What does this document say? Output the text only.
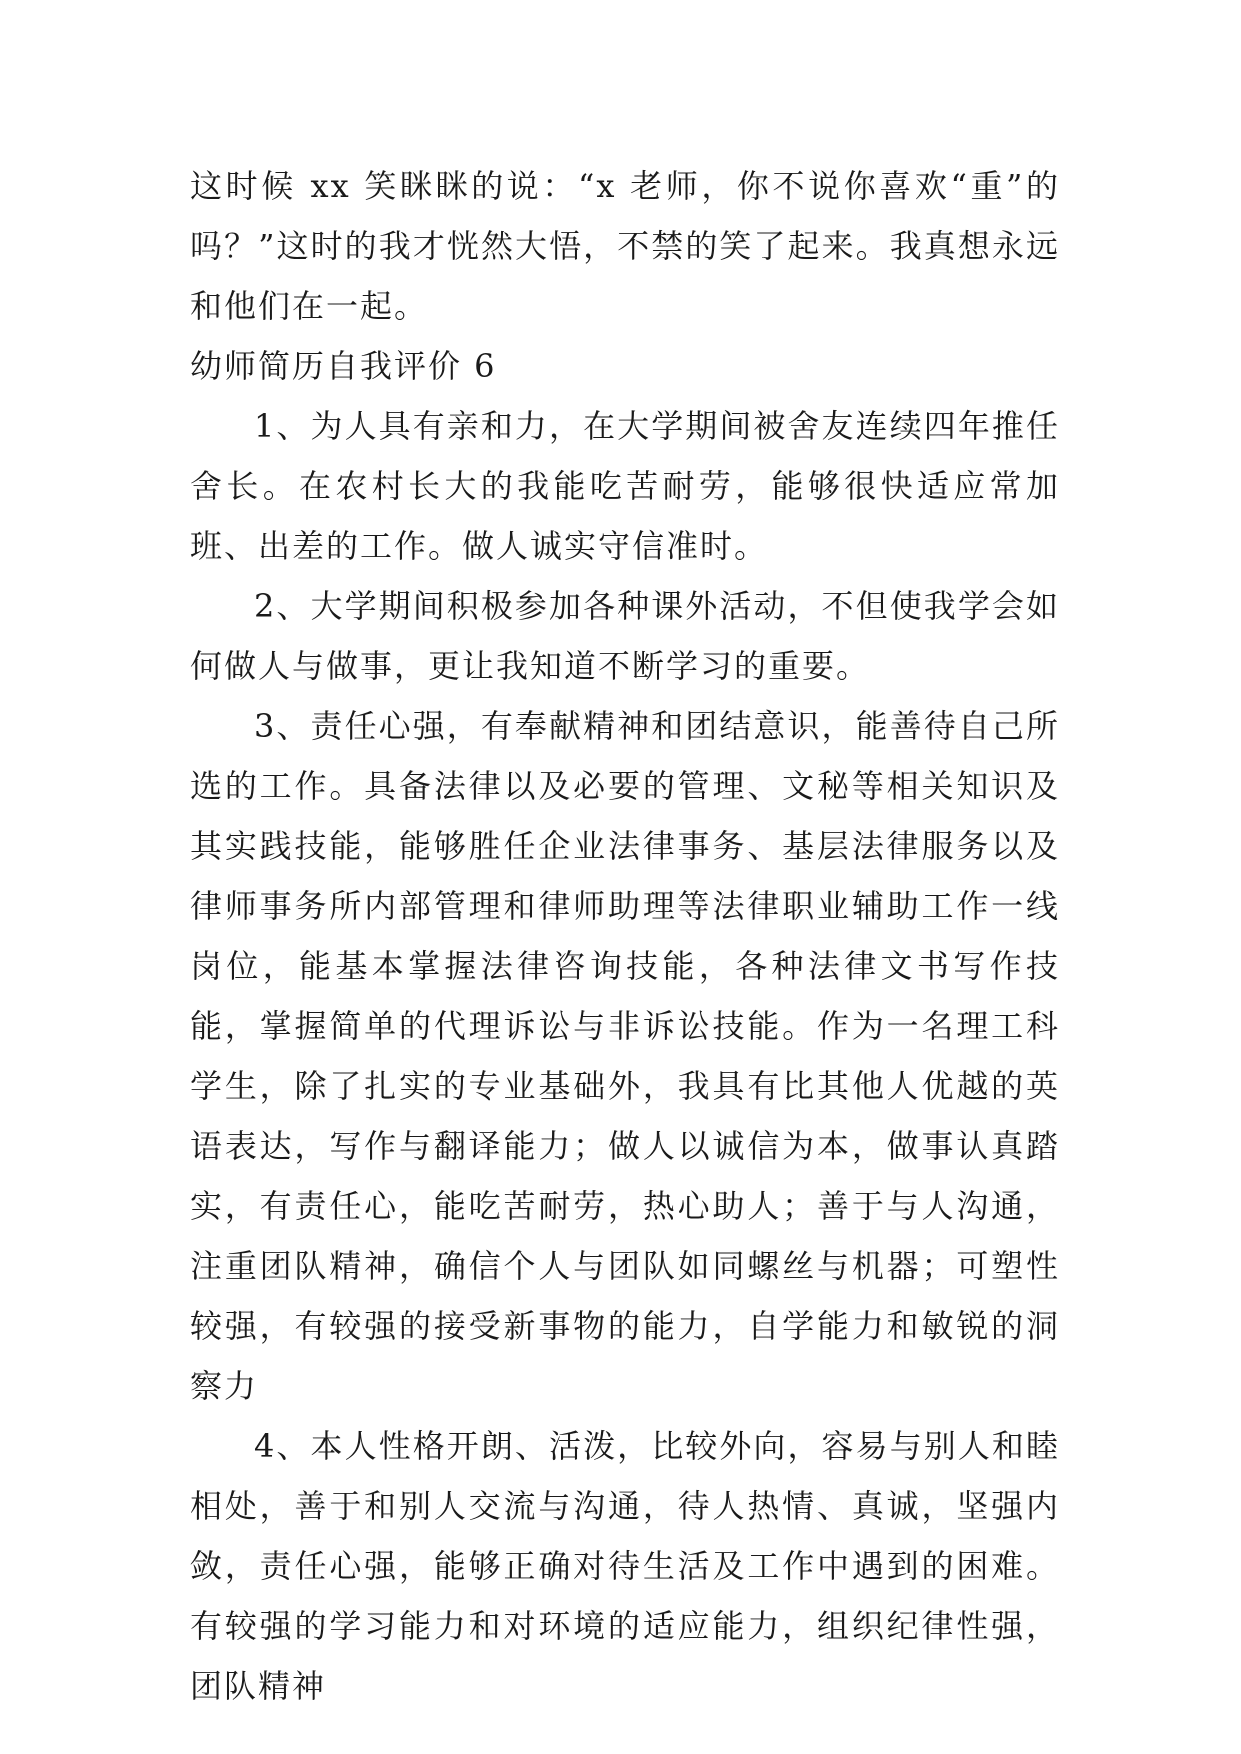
这时候 xx 笑眯眯的说：“x 老师，你不说你喜欢“重”的吗？”这时的我才恍然大悟，不禁的笑了起来。我真想永远和他们在一起。

幼师简历自我评价 6

1、为人具有亲和力，在大学期间被舍友连续四年推任舍长。在农村长大的我能吃苦耐劳，能够很快适应常加班、出差的工作。做人诚实守信准时。

2、大学期间积极参加各种课外活动，不但使我学会如何做人与做事，更让我知道不断学习的重要。

3、责任心强，有奉献精神和团结意识，能善待自己所选的工作。具备法律以及必要的管理、文秘等相关知识及其实践技能，能够胜任企业法律事务、基层法律服务以及律师事务所内部管理和律师助理等法律职业辅助工作一线岗位，能基本掌握法律咨询技能，各种法律文书写作技能，掌握简单的代理诉讼与非诉讼技能。作为一名理工科学生，除了扎实的专业基础外，我具有比其他人优越的英语表达，写作与翻译能力；做人以诚信为本，做事认真踏实，有责任心，能吃苦耐劳，热心助人；善于与人沟通，注重团队精神，确信个人与团队如同螺丝与机器；可塑性较强，有较强的接受新事物的能力，自学能力和敏锐的洞察力

4、本人性格开朗、活泼，比较外向，容易与别人和睦相处，善于和别人交流与沟通，待人热情、真诚，坚强内敛，责任心强，能够正确对待生活及工作中遇到的困难。有较强的学习能力和对环境的适应能力，组织纪律性强，团队精神
